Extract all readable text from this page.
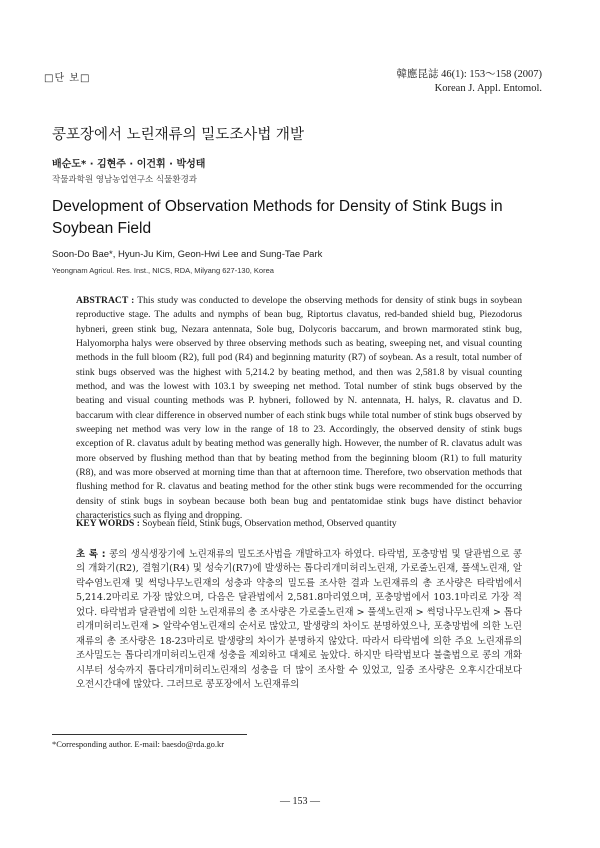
□단 보□	韓應昆誌 46(1): 153～158 (2007)
Korean J. Appl. Entomol.
콩포장에서 노린재류의 밀도조사법 개발
배순도* · 김현주 · 이건휘 · 박성태
작물과학원 영남농업연구소 식물환경과
Development of Observation Methods for Density of Stink Bugs in Soybean Field
Soon-Do Bae*, Hyun-Ju Kim, Geon-Hwi Lee and Sung-Tae Park
Yeongnam Agricul. Res. Inst., NICS, RDA, Milyang 627-130, Korea
ABSTRACT : This study was conducted to develope the observing methods for density of stink bugs in soybean reproductive stage. The adults and nymphs of bean bug, Riptortus clavatus, red-banded shield bug, Piezodorus hybneri, green stink bug, Nezara antennata, Sole bug, Dolycoris baccarum, and brown marmorated stink bug, Halyomorpha halys were observed by three observing methods such as beating, sweeping net, and visual counting methods in the full bloom (R2), full pod (R4) and beginning maturity (R7) of soybean. As a result, total number of stink bugs observed was the highest with 5,214.2 by beating method, and then was 2,581.8 by visual counting method, and was the lowest with 103.1 by sweeping net method. Total number of stink bugs observed by the beating and visual counting methods was P. hybneri, followed by N. antennata, H. halys, R. clavatus and D. baccarum with clear difference in observed number of each stink bugs while total number of stink bugs observed by sweeping net method was very low in the range of 18 to 23. Accordingly, the observed density of stink bugs exception of R. clavatus adult by beating method was generally high. However, the number of R. clavatus adult was more observed by flushing method than that by beating method from the beginning bloom (R1) to full maturity (R8), and was more observed at morning time than that at afternoon time. Therefore, two observation methods that flushing method for R. clavatus and beating method for the other stink bugs were recommended for the occurring density of stink bugs in soybean because both bean bug and pentatomidae stink bugs have distinct behavior characteristics such as flying and dropping.
KEY WORDS : Soybean field, Stink bugs, Observation method, Observed quantity
초 록 : 콩의 생식생장기에 노린재류의 밀도조사법을 개발하고자 하였다. 타락법, 포충망법 및 달관법으로 콩의 개화기(R2), 결협기(R4) 및 성숙기(R7)에 발생하는 톱다리개미허리노린재, 가로줄노린재, 풀색노린재, 알락수염노린재 및 썩덩나무노린재의 성충과 약충의 밀도를 조사한 결과 노린재류의 총 조사량은 타락법에서 5,214.2마리로 가장 많았으며, 다음은 달관법에서 2,581.8마리였으며, 포충망법에서 103.1마리로 가장 적었다. 타락법과 달관법에 의한 노린재류의 총 조사량은 가로줄노린재 > 풀색노린재 > 썩덩나무노린재 > 톱다리개미허리노린재 > 알락수염노린재의 순서로 많았고, 발생량의 차이도 분명하였으나, 포충망법에 의한 노린재류의 총 조사량은 18-23마리로 발생량의 차이가 분명하지 않았다. 따라서 타락법에 의한 주요 노린재류의 조사밀도는 톱다리개미허리노린재 성충을 제외하고 대체로 높았다. 하지만 타락법보다 불출법으로 콩의 개화시부터 성숙까지 톱다리개미허리노린재의 성충을 더 많이 조사할 수 있었고, 일중 조사량은 오후시간대보다 오전시간대에 많았다. 그러므로 콩포장에서 노린재류의
*Corresponding author. E-mail: baesdo@rda.go.kr
— 153 —
